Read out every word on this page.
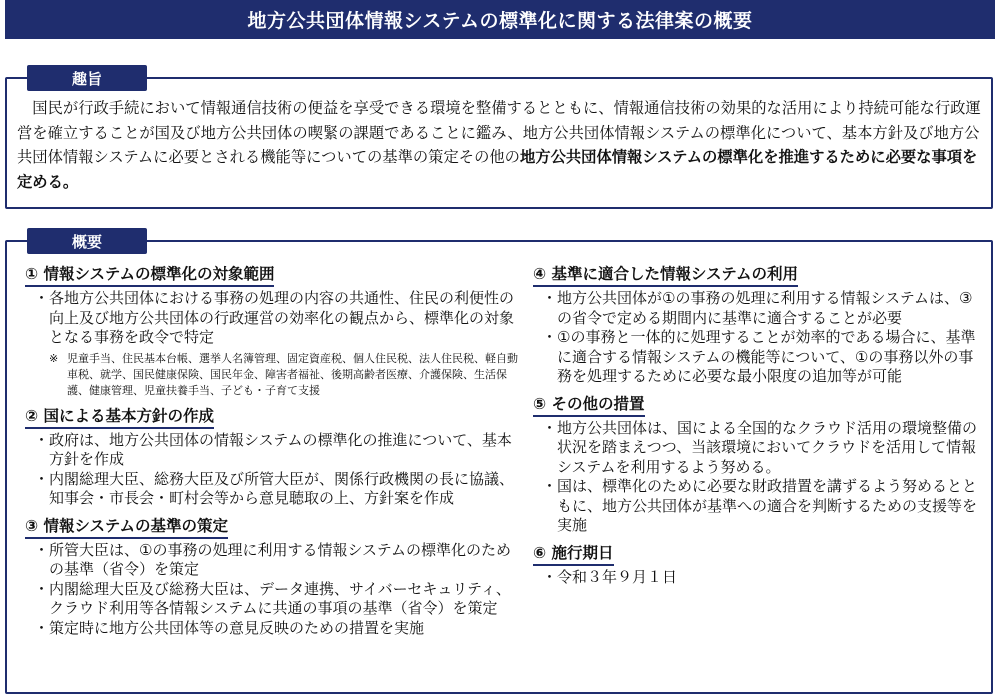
地方公共団体情報システムの標準化に関する法律案の概要
趣旨
国民が行政手続において情報通信技術の便益を享受できる環境を整備するとともに、情報通信技術の効果的な活用により持続可能な行政運営を確立することが国及び地方公共団体の喫緊の課題であることに鑑み、地方公共団体情報システムの標準化について、基本方針及び地方公共団体情報システムに必要とされる機能等についての基準の策定その他の地方公共団体情報システムの標準化を推進するために必要な事項を定める。
概要
① 情報システムの標準化の対象範囲
・ 各地方公共団体における事務の処理の内容の共通性、住民の利便性の向上及び地方公共団体の行政運営の効率化の観点から、標準化の対象となる事務を政令で特定
※ 児童手当、住民基本台帳、選挙人名簿管理、固定資産税、個人住民税、法人住民税、軽自動車税、就学、国民健康保険、国民年金、障害者福祉、後期高齢者医療、介護保険、生活保護、健康管理、児童扶養手当、子ども・子育て支援
② 国による基本方針の作成
・ 政府は、地方公共団体の情報システムの標準化の推進について、基本方針を作成
・ 内閣総理大臣、総務大臣及び所管大臣が、関係行政機関の長に協議、知事会・市長会・町村会等から意見聴取の上、方針案を作成
③ 情報システムの基準の策定
・ 所管大臣は、①の事務の処理に利用する情報システムの標準化のための基準（省令）を策定
・ 内閣総理大臣及び総務大臣は、データ連携、サイバーセキュリティ、クラウド利用等各情報システムに共通の事項の基準（省令）を策定
・ 策定時に地方公共団体等の意見反映のための措置を実施
④ 基準に適合した情報システムの利用
・ 地方公共団体が①の事務の処理に利用する情報システムは、③の省令で定める期間内に基準に適合することが必要
・ ①の事務と一体的に処理することが効率的である場合に、基準に適合する情報システムの機能等について、①の事務以外の事務を処理するために必要な最小限度の追加等が可能
⑤ その他の措置
・ 地方公共団体は、国による全国的なクラウド活用の環境整備の状況を踏まえつつ、当該環境においてクラウドを活用して情報システムを利用するよう努める。
・ 国は、標準化のために必要な財政措置を講ずるよう努めるとともに、地方公共団体が基準への適合を判断するための支援等を実施
⑥ 施行期日
・ 令和３年９月１日
